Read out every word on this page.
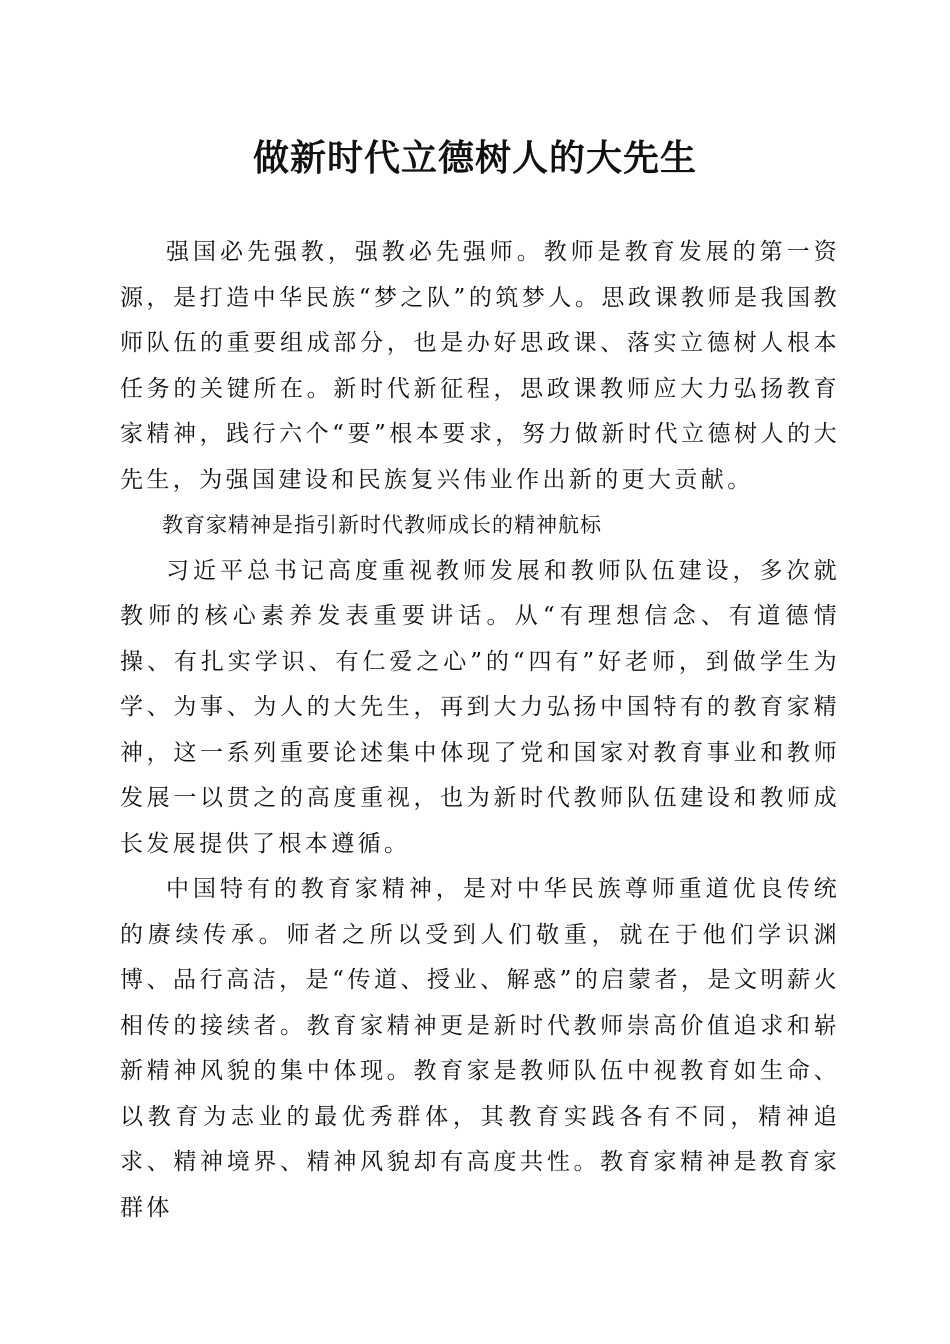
做新时代立德树人的大先生

强国必先强教，强教必先强师。教师是教育发展的第一资源，是打造中华民族“梦之队”的筑梦人。思政课教师是我国教师队伍的重要组成部分，也是办好思政课、落实立德树人根本任务的关键所在。新时代新征程，思政课教师应大力弘扬教育家精神，践行六个“要”根本要求，努力做新时代立德树人的大先生，为强国建设和民族复兴伟业作出新的更大贡献。

教育家精神是指引新时代教师成长的精神航标

习近平总书记高度重视教师发展和教师队伍建设，多次就教师的核心素养发表重要讲话。从“有理想信念、有道德情操、有扎实学识、有仁爱之心”的“四有”好老师，到做学生为学、为事、为人的大先生，再到大力弘扬中国特有的教育家精神，这一系列重要论述集中体现了党和国家对教育事业和教师发展一以贯之的高度重视，也为新时代教师队伍建设和教师成长发展提供了根本遵循。

中国特有的教育家精神，是对中华民族尊师重道优良传统的赓续传承。师者之所以受到人们敬重，就在于他们学识渊博、品行高洁，是“传道、授业、解惑”的启蒙者，是文明薪火相传的接续者。教育家精神更是新时代教师崇高价值追求和崭新精神风貌的集中体现。教育家是教师队伍中视教育如生命、以教育为志业的最优秀群体，其教育实践各有不同，精神追求、精神境界、精神风貌却有高度共性。教育家精神是教育家群体
